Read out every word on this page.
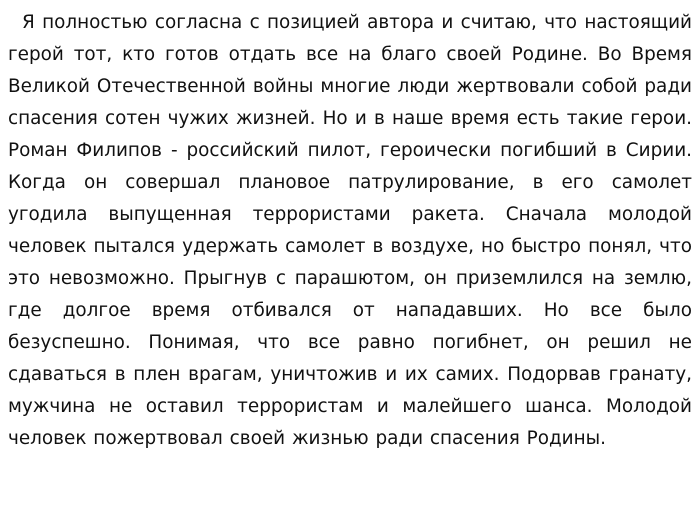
Я полностью согласна с позицией автора и считаю, что настоящий герой тот, кто готов отдать все на благо своей Родине. Во Время Великой Отечественной войны многие люди жертвовали собой ради спасения сотен чужих жизней. Но и в наше время есть такие герои. Роман Филипов - российский пилот, героически погибший в Сирии. Когда он совершал плановое патрулирование, в его самолет угодила выпущенная террористами ракета. Сначала молодой человек пытался удержать самолет в воздухе, но быстро понял, что это невозможно. Прыгнув с парашютом, он приземлился на землю, где долгое время отбивался от нападавших. Но все было безуспешно. Понимая, что все равно погибнет, он решил не сдаваться в плен врагам, уничтожив и их самих. Подорвав гранату, мужчина не оставил террористам и малейшего шанса. Молодой человек пожертвовал своей жизнью ради спасения Родины.
